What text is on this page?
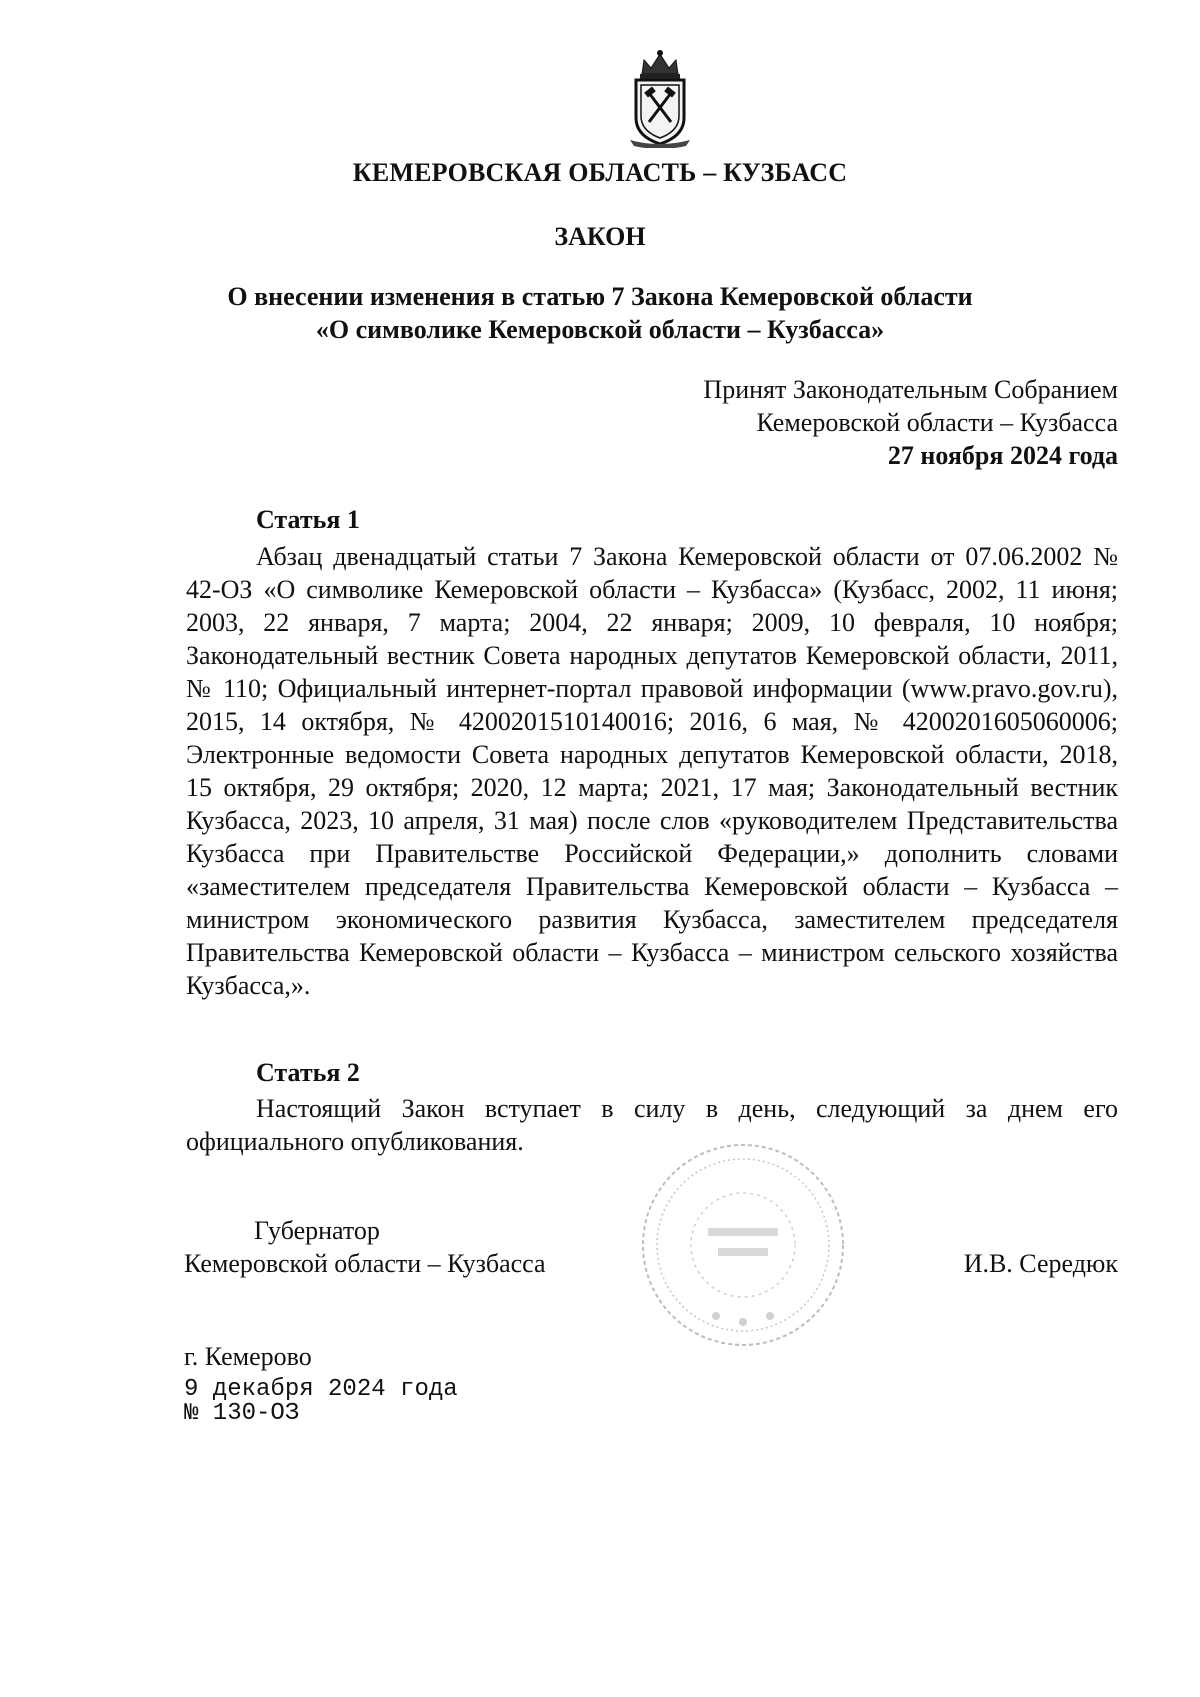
КЕМЕРОВСКАЯ ОБЛАСТЬ – КУЗБАСС
ЗАКОН
О внесении изменения в статью 7 Закона Кемеровской области
«О символике Кемеровской области – Кузбасса»
Принят Законодательным Собранием
Кемеровской области – Кузбасса
27 ноября 2024 года
Статья 1

Абзац двенадцатый статьи 7 Закона Кемеровской области от 07.06.2002 № 42-ОЗ «О символике Кемеровской области – Кузбасса» (Кузбасс, 2002, 11 июня; 2003, 22 января, 7 марта; 2004, 22 января; 2009, 10 февраля, 10 ноября; Законодательный вестник Совета народных депутатов Кемеровской области, 2011, № 110; Официальный интернет-портал правовой информации (www.pravo.gov.ru), 2015, 14 октября, № 4200201510140016; 2016, 6 мая, № 4200201605060006; Электронные ведомости Совета народных депутатов Кемеровской области, 2018, 15 октября, 29 октября; 2020, 12 марта; 2021, 17 мая; Законодательный вестник Кузбасса, 2023, 10 апреля, 31 мая) после слов «руководителем Представительства Кузбасса при Правительстве Российской Федерации,» дополнить словами «заместителем председателя Правительства Кемеровской области – Кузбасса – министром экономического развития Кузбасса, заместителем председателя Правительства Кемеровской области – Кузбасса – министром сельского хозяйства Кузбасса,».

Статья 2

Настоящий Закон вступает в силу в день, следующий за днем его официального опубликования.

Губернатор
Кемеровской области – Кузбасса	И.В. Середюк
г. Кемерово
9 декабря 2024 года
№ 130-ОЗ
